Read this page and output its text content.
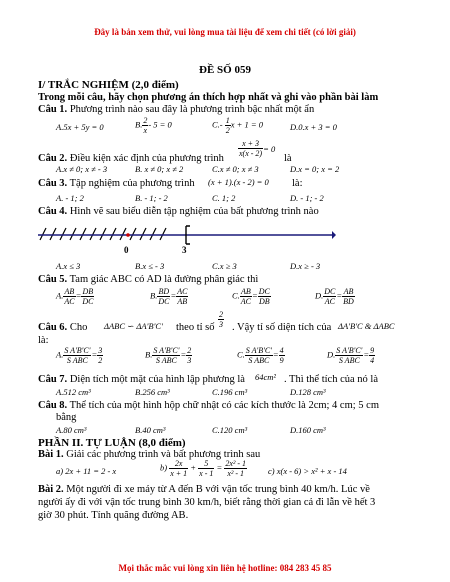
Đây là bản xem thử, vui lòng mua tài liệu để xem chi tiết (có lời giải)
ĐỀ SỐ 059
I/ TRẮC NGHIỆM (2,0 điểm)
Trong mỗi câu, hãy chọn phương án thích hợp nhất và ghi vào phần bài làm
Câu 1. Phương trình nào sau đây là phương trình bậc nhất một ẩn
A.5x + 5y = 0	B. $\frac{2}{x} - 5 = 0$	$C.- \frac{1}{2}$ x + 1 = 0	D.0.x + 3 = 0
Câu 2. Điều kiện xác định của phương trình
$\frac{x + 3}{x(x - 2)} = 0$
là
A.x ≠ 0; x ≠ - 3	B. x ≠ 0; x ≠ 2	C.x ≠ 0; x ≠ 3	D.x = 0; x = 2
Câu 3. Tập nghiệm của phương trình (x + 1).(x - 2) = 0 là:
A. - 1; 2	B. - 1; - 2	C. 1; 2	D. - 1; - 2
Câu 4. Hình vẽ sau biểu diễn tập nghiệm của bất phương trình nào
0	3
A.x ≤ 3	B.x ≤ - 3	C.x ≥ 3	D.x ≥ - 3
Câu 5. Tam giác ABC có AD là đường phân giác thì
A. $\frac{AB}{AC} = \frac{DB}{DC}$	B. $\frac{BD}{DC} = \frac{AC}{AB}$	C. $\frac{AB}{AC} = \frac{DC}{DB}$	D. $\frac{DC}{AC} = \frac{AB}{BD}$
Câu 6. Cho ΔABC ∽ ΔA'B'C' theo tỉ số $\frac{2}{3}$ . Vậy tỉ số diện tích của ΔA'B'C & ΔABC
là:
A. $\frac{\text{S A'B'C'}}{\text{S ABC}} = \frac{3}{2}$	B. $\frac{\text{S A'B'C'}}{\text{S ABC}} = \frac{2}{3}$	C. $\frac{\text{S A'B'C'}}{\text{S ABC}} = \frac{4}{9}$	D. $\frac{\text{S A'B'C'}}{\text{S ABC}} = \frac{9}{4}$
Câu 7. Diện tích một mặt của hình lập phương là 64cm² . Thì thể tích của nó là
A.512 cm³	B.256 cm³	C.196 cm³	D.128 cm³
Câu 8. Thể tích của một hình hộp chữ nhật có các kích thước là 2cm; 4 cm; 5 cm
bằng
A.80 cm³	B.40 cm³	C.120 cm³	D.160 cm³
PHẦN II. TỰ LUẬN (8,0 điểm)
Bài 1. Giải các phương trình và bất phương trình sau
a) 2x + 11 = 2 - x	$b) \frac{2x}{x + 1} + \frac{5}{x - 1} = \frac{\text{2x² - 1}}{\text{x² - 1}} c$) x(x - 6) > x² + x - 14
Bài 2. Một người đi xe máy từ A đến B với vận tốc trung bình 40 km/h. Lúc về
người ấy đi với vận tốc trung bình 30 km/h, biết rằng thời gian cả đi lẫn về hết 3
giờ 30 phút. Tính quãng đường AB.
Mọi thắc mắc vui lòng xin liên hệ hotline: 084 283 45 85
